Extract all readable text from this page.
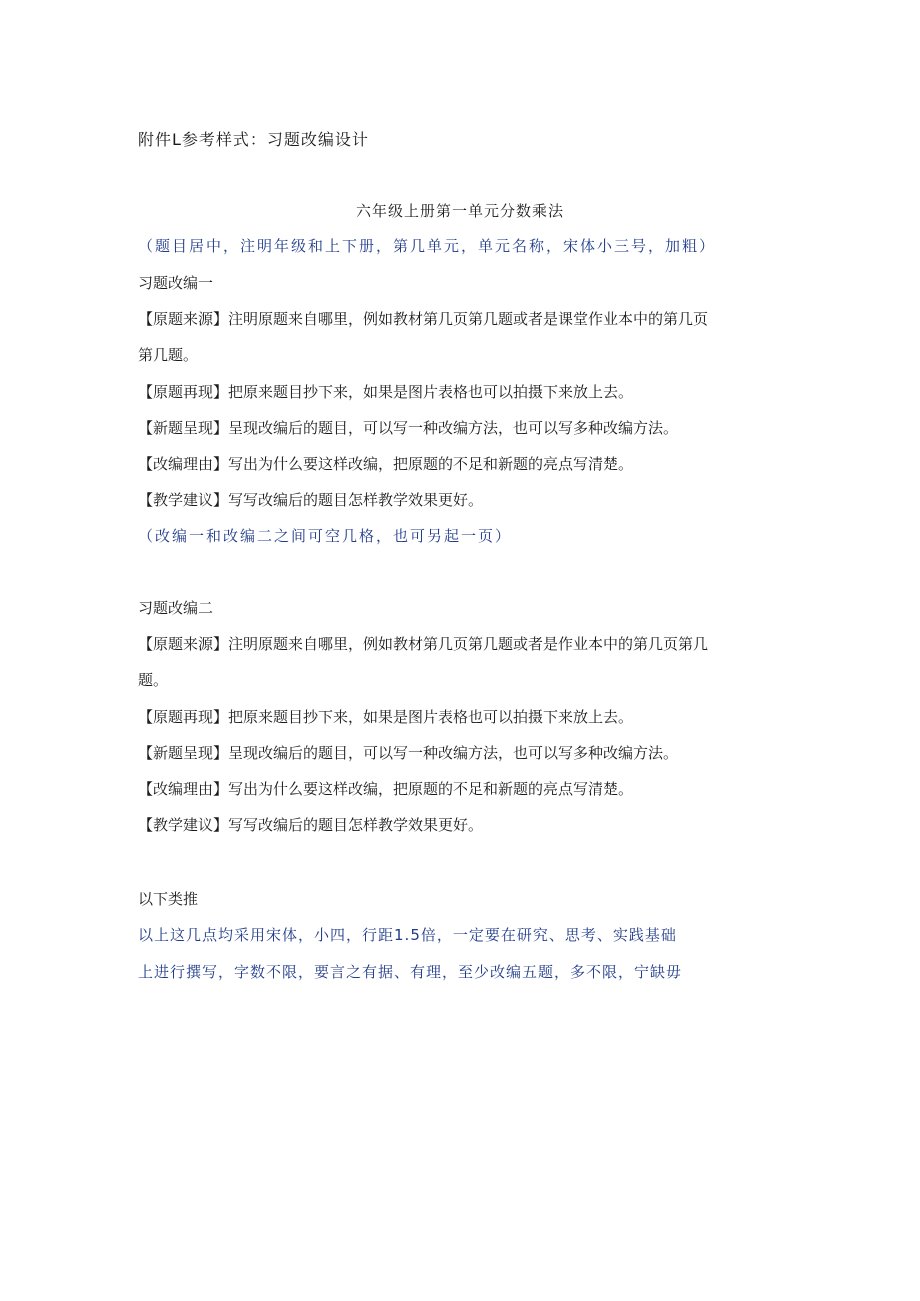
附件L参考样式：习题改编设计
六年级上册第一单元分数乘法
（题目居中，注明年级和上下册，第几单元，单元名称，宋体小三号，加粗）
习题改编一
【原题来源】注明原题来自哪里，例如教材第几页第几题或者是课堂作业本中的第几页
第几题。
【原题再现】把原来题目抄下来，如果是图片表格也可以拍摄下来放上去。
【新题呈现】呈现改编后的题目，可以写一种改编方法，也可以写多种改编方法。
【改编理由】写出为什么要这样改编，把原题的不足和新题的亮点写清楚。
【教学建议】写写改编后的题目怎样教学效果更好。
（改编一和改编二之间可空几格，也可另起一页）
习题改编二
【原题来源】注明原题来自哪里，例如教材第几页第几题或者是作业本中的第几页第几
题。
【原题再现】把原来题目抄下来，如果是图片表格也可以拍摄下来放上去。
【新题呈现】呈现改编后的题目，可以写一种改编方法，也可以写多种改编方法。
【改编理由】写出为什么要这样改编，把原题的不足和新题的亮点写清楚。
【教学建议】写写改编后的题目怎样教学效果更好。
以下类推
以上这几点均采用宋体，小四，行距1.5倍，一定要在研究、思考、实践基础
上进行撰写，字数不限，要言之有据、有理，至少改编五题，多不限，宁缺毋
